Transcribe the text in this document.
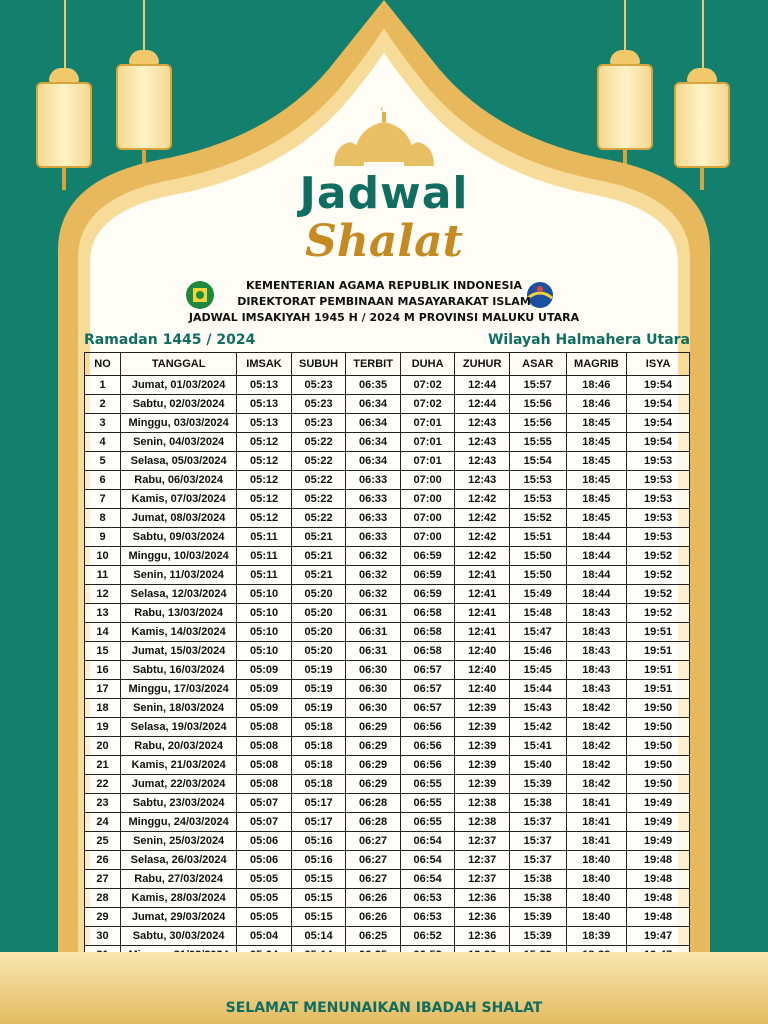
Jadwal
Shalat
KEMENTERIAN AGAMA REPUBLIK INDONESIA
DIREKTORAT PEMBINAAN MASAYARAKAT ISLAM
JADWAL IMSAKIYAH 1945 H / 2024 M PROVINSI MALUKU UTARA
Ramadan 1445 / 2024	Wilayah Halmahera Utara
NO	TANGGAL	IMSAK	SUBUH	TERBIT	DUHA	ZUHUR	ASAR	MAGRIB	ISYA
1	Jumat, 01/03/2024	05:13	05:23	06:35	07:02	12:44	15:57	18:46	19:54
2	Sabtu, 02/03/2024	05:13	05:23	06:34	07:02	12:44	15:56	18:46	19:54
3	Minggu, 03/03/2024	05:13	05:23	06:34	07:01	12:43	15:56	18:45	19:54
4	Senin, 04/03/2024	05:12	05:22	06:34	07:01	12:43	15:55	18:45	19:54
5	Selasa, 05/03/2024	05:12	05:22	06:34	07:01	12:43	15:54	18:45	19:53
6	Rabu, 06/03/2024	05:12	05:22	06:33	07:00	12:43	15:53	18:45	19:53
7	Kamis, 07/03/2024	05:12	05:22	06:33	07:00	12:42	15:53	18:45	19:53
8	Jumat, 08/03/2024	05:12	05:22	06:33	07:00	12:42	15:52	18:45	19:53
9	Sabtu, 09/03/2024	05:11	05:21	06:33	07:00	12:42	15:51	18:44	19:53
10	Minggu, 10/03/2024	05:11	05:21	06:32	06:59	12:42	15:50	18:44	19:52
11	Senin, 11/03/2024	05:11	05:21	06:32	06:59	12:41	15:50	18:44	19:52
12	Selasa, 12/03/2024	05:10	05:20	06:32	06:59	12:41	15:49	18:44	19:52
13	Rabu, 13/03/2024	05:10	05:20	06:31	06:58	12:41	15:48	18:43	19:52
14	Kamis, 14/03/2024	05:10	05:20	06:31	06:58	12:41	15:47	18:43	19:51
15	Jumat, 15/03/2024	05:10	05:20	06:31	06:58	12:40	15:46	18:43	19:51
16	Sabtu, 16/03/2024	05:09	05:19	06:30	06:57	12:40	15:45	18:43	19:51
17	Minggu, 17/03/2024	05:09	05:19	06:30	06:57	12:40	15:44	18:43	19:51
18	Senin, 18/03/2024	05:09	05:19	06:30	06:57	12:39	15:43	18:42	19:50
19	Selasa, 19/03/2024	05:08	05:18	06:29	06:56	12:39	15:42	18:42	19:50
20	Rabu, 20/03/2024	05:08	05:18	06:29	06:56	12:39	15:41	18:42	19:50
21	Kamis, 21/03/2024	05:08	05:18	06:29	06:56	12:39	15:40	18:42	19:50
22	Jumat, 22/03/2024	05:08	05:18	06:29	06:55	12:39	15:39	18:42	19:50
23	Sabtu, 23/03/2024	05:07	05:17	06:28	06:55	12:38	15:38	18:41	19:49
24	Minggu, 24/03/2024	05:07	05:17	06:28	06:55	12:38	15:37	18:41	19:49
25	Senin, 25/03/2024	05:06	05:16	06:27	06:54	12:37	15:37	18:41	19:49
26	Selasa, 26/03/2024	05:06	05:16	06:27	06:54	12:37	15:37	18:40	19:48
27	Rabu, 27/03/2024	05:05	05:15	06:27	06:54	12:37	15:38	18:40	19:48
28	Kamis, 28/03/2024	05:05	05:15	06:26	06:53	12:36	15:38	18:40	19:48
29	Jumat, 29/03/2024	05:05	05:15	06:26	06:53	12:36	15:39	18:40	19:48
30	Sabtu, 30/03/2024	05:04	05:14	06:25	06:52	12:36	15:39	18:39	19:47

SELAMAT MENUNAIKAN IBADAH SHALAT
